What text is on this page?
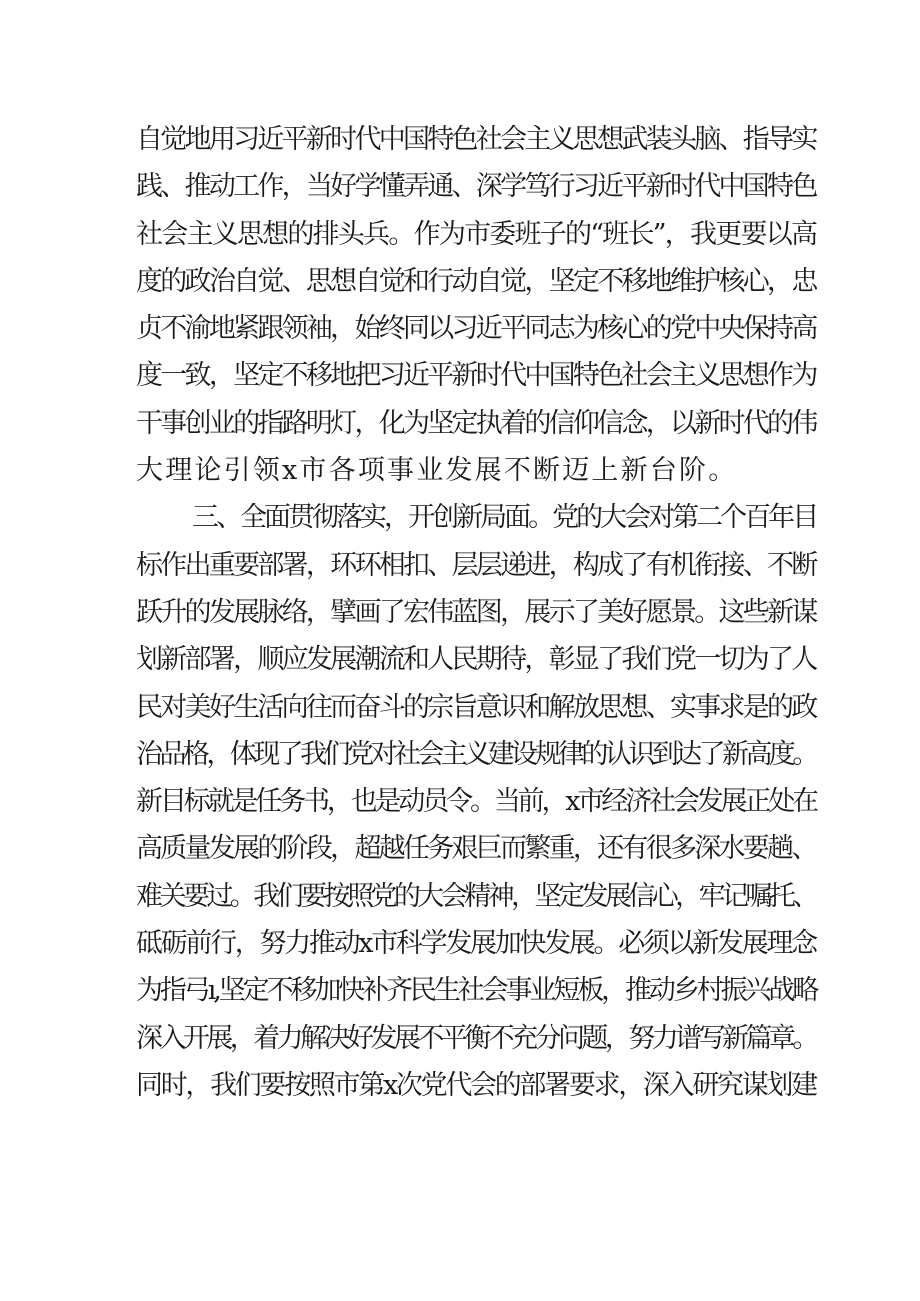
自觉地用习近平新时代中国特色社会主义思想武装头脑、指导实
践、推动工作，当好学懂弄通、深学笃行习近平新时代中国特色
社会主义思想的排头兵。作为市委班子的“班长”，我更要以高
度的政治自觉、思想自觉和行动自觉，坚定不移地维护核心，忠
贞不渝地紧跟领袖，始终同以习近平同志为核心的党中央保持高
度一致，坚定不移地把习近平新时代中国特色社会主义思想作为
干事创业的指路明灯，化为坚定执着的信仰信念，以新时代的伟
大理论引领x市各项事业发展不断迈上新台阶。
三、全面贯彻落实，开创新局面。党的大会对第二个百年目
标作出重要部署，环环相扣、层层递进，构成了有机衔接、不断
跃升的发展脉络，擘画了宏伟蓝图，展示了美好愿景。这些新谋
划新部署，顺应发展潮流和人民期待，彰显了我们党一切为了人
民对美好生活向往而奋斗的宗旨意识和解放思想、实事求是的政
治品格，体现了我们党对社会主义建设规律的认识到达了新高度。
新目标就是任务书，也是动员令。当前，x市经济社会发展正处在
高质量发展的阶段，超越任务艰巨而繁重，还有很多深水要趟、
难关要过。我们要按照党的大会精神，坚定发展信心，牢记嘱托、
砥砺前行，努力推动x市科学发展加快发展。必须以新发展理念
为指弓ı,坚定不移加快补齐民生社会事业短板，推动乡村振兴战略
深入开展，着力解决好发展不平衡不充分问题，努力谱写新篇章。
同时，我们要按照市第x次党代会的部署要求，深入研究谋划建
